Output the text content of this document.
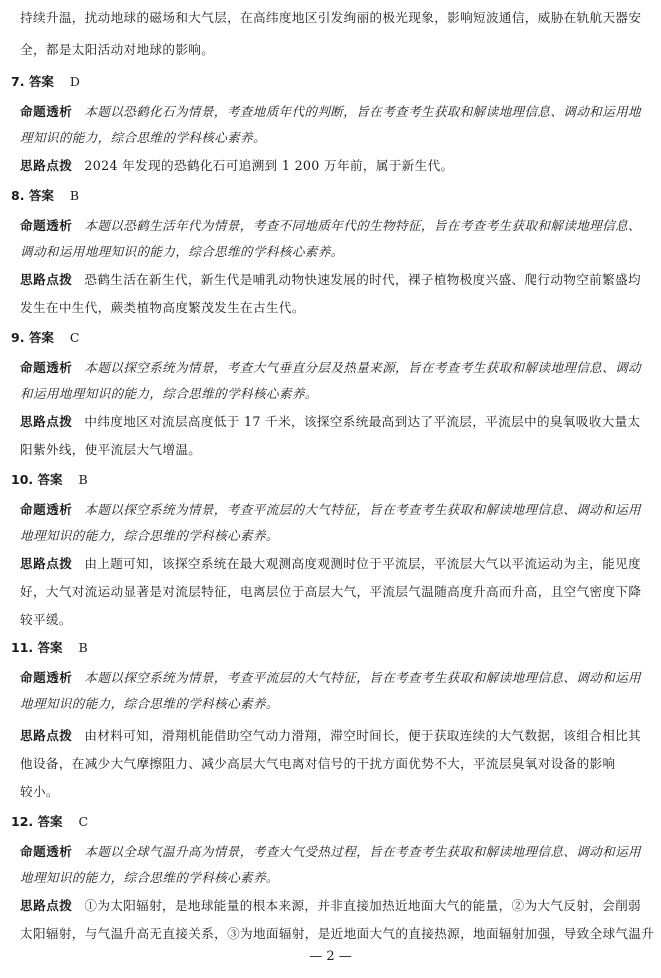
持续升温，扰动地球的磁场和大气层，在高纬度地区引发绚丽的极光现象，影响短波通信，威胁在轨航天器安
全，都是太阳活动对地球的影响。
7. 答案 D
命题透析 本题以恐鹤化石为情景，考查地质年代的判断，旨在考查考生获取和解读地理信息、调动和运用地
理知识的能力，综合思维的学科核心素养。
思路点拨 2024 年发现的恐鹤化石可追溯到 1 200 万年前，属于新生代。
8. 答案 B
命题透析 本题以恐鹤生活年代为情景，考查不同地质年代的生物特征，旨在考查考生获取和解读地理信息、
调动和运用地理知识的能力，综合思维的学科核心素养。
思路点拨 恐鹤生活在新生代，新生代是哺乳动物快速发展的时代，裸子植物极度兴盛、爬行动物空前繁盛均
发生在中生代，蕨类植物高度繁茂发生在古生代。
9. 答案 C
命题透析 本题以探空系统为情景，考查大气垂直分层及热量来源，旨在考查考生获取和解读地理信息、调动
和运用地理知识的能力，综合思维的学科核心素养。
思路点拨 中纬度地区对流层高度低于 17 千米，该探空系统最高到达了平流层，平流层中的臭氧吸收大量太
阳紫外线，使平流层大气增温。
10. 答案 B
命题透析 本题以探空系统为情景，考查平流层的大气特征，旨在考查考生获取和解读地理信息、调动和运用
地理知识的能力，综合思维的学科核心素养。
思路点拨 由上题可知，该探空系统在最大观测高度观测时位于平流层，平流层大气以平流运动为主，能见度
好，大气对流运动显著是对流层特征，电离层位于高层大气，平流层气温随高度升高而升高，且空气密度下降
较平缓。
11. 答案 B
命题透析 本题以探空系统为情景，考查平流层的大气特征，旨在考查考生获取和解读地理信息、调动和运用
地理知识的能力，综合思维的学科核心素养。
思路点拨 由材料可知，滑翔机能借助空气动力滑翔，滞空时间长，便于获取连续的大气数据，该组合相比其
他设备，在减少大气摩擦阻力、减少高层大气电离对信号的干扰方面优势不大，平流层臭氧对设备的影响
较小。
12. 答案 C
命题透析 本题以全球气温升高为情景，考查大气受热过程，旨在考查考生获取和解读地理信息、调动和运用
地理知识的能力，综合思维的学科核心素养。
思路点拨 ①为太阳辐射，是地球能量的根本来源，并非直接加热近地面大气的能量，②为大气反射，会削弱
太阳辐射，与气温升高无直接关系，③为地面辐射，是近地面大气的直接热源，地面辐射加强，导致全球气温升
— 2 —
